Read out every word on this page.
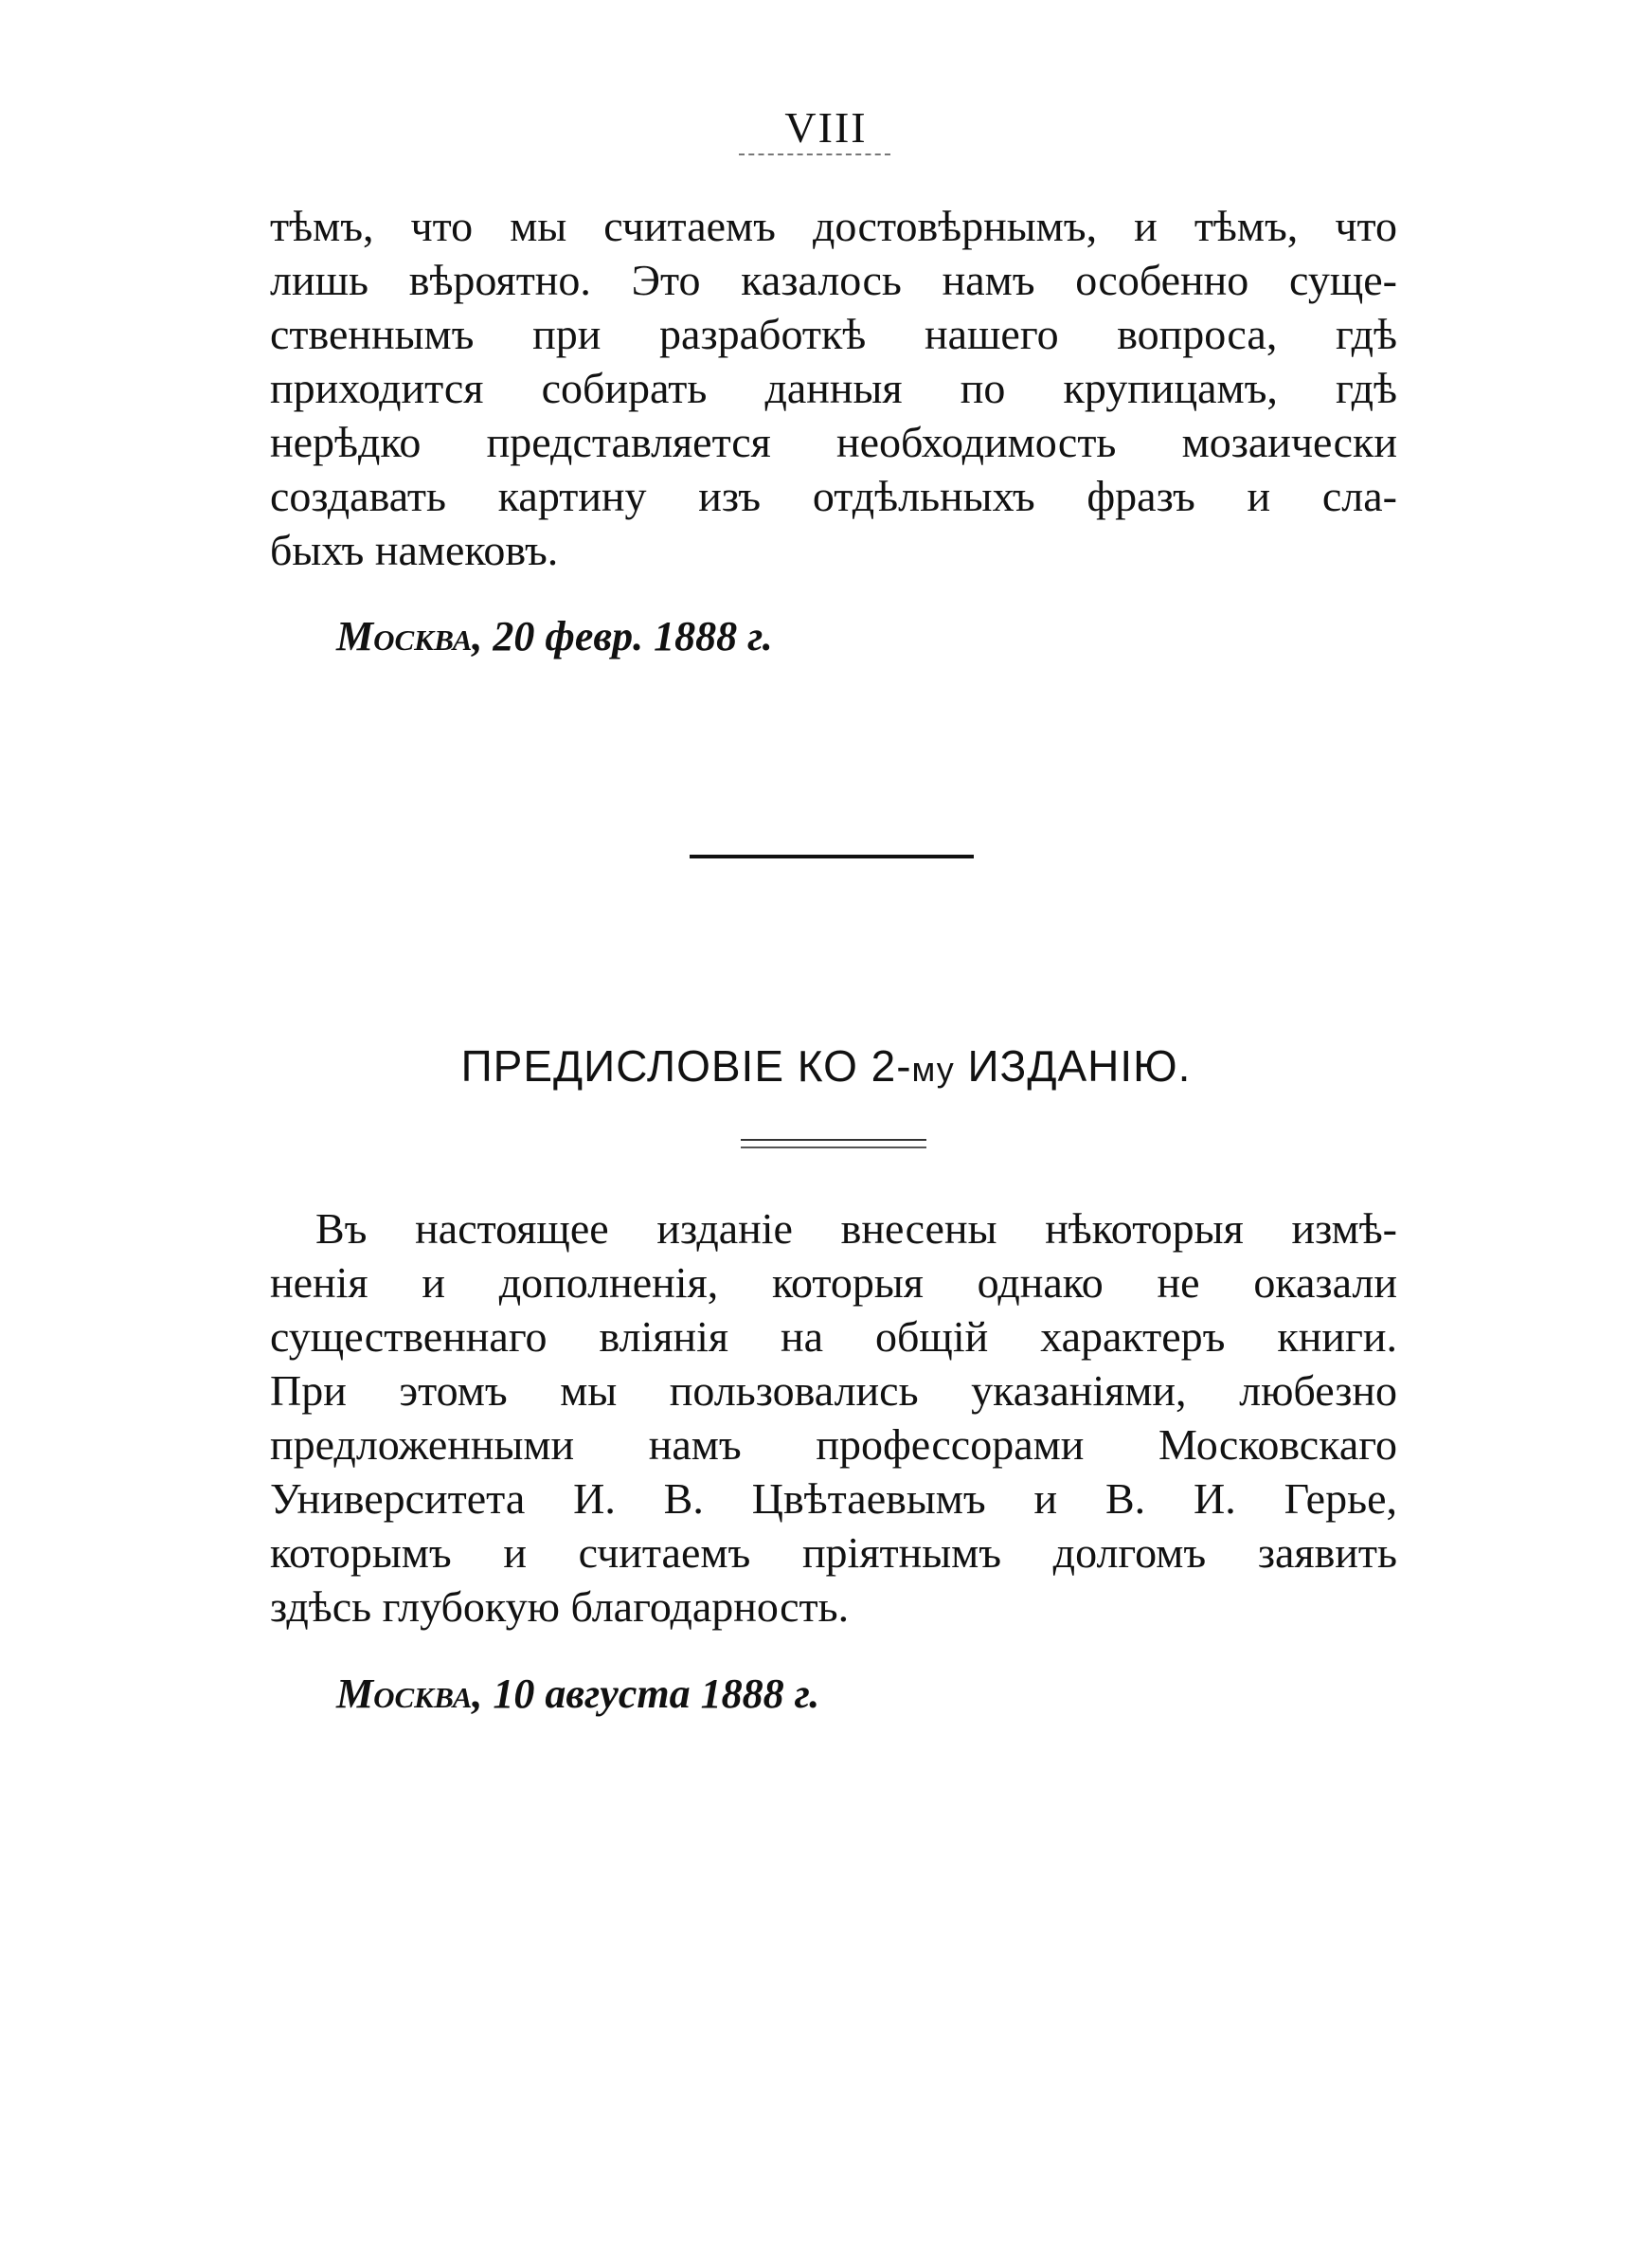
VIII
тѣмъ, что мы считаемъ достовѣрнымъ, и тѣмъ, что
лишь вѣроятно. Это казалось намъ особенно суще-
ственнымъ при разработкѣ нашего вопроса, гдѣ
приходится собирать данныя по крупицамъ, гдѣ
нерѣдко представляется необходимость мозаически
создавать картину изъ отдѣльныхъ фразъ и сла-
быхъ намековъ.
Москва, 20 февр. 1888 г.
ПРЕДИСЛОВІЕ КО 2-му ИЗДАНІЮ.
Въ настоящее изданіе внесены нѣкоторыя измѣ-
ненія и дополненія, которыя однако не оказали
существеннаго вліянія на общій характеръ книги.
При этомъ мы пользовались указаніями, любезно
предложенными намъ профессорами Московскаго
Университета И. В. Цвѣтаевымъ и В. И. Герье,
которымъ и считаемъ пріятнымъ долгомъ заявить
здѣсь глубокую благодарность.
Москва, 10 августа 1888 г.
